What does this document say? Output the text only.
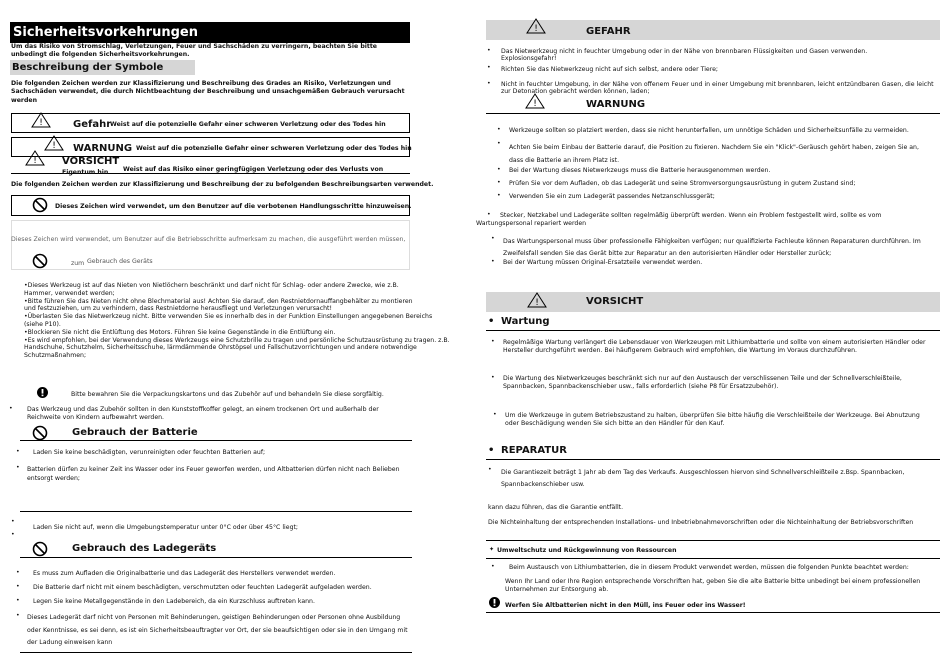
Sicherheitsvorkehrungen
Um das Risiko von Stromschlag, Verletzungen, Feuer und Sachschäden zu verringern, beachten Sie bitte unbedingt die folgenden Sicherheitsvorkehrungen.
Beschreibung der Symbole
Die folgenden Zeichen werden zur Klassifizierung und Beschreibung des Grades an Risiko, Verletzungen und Sachschäden verwendet, die durch Nichtbeachtung der Beschreibung und unsachgemäßen Gebrauch verursacht werden
!	Gefahr
Weist auf die potenzielle Gefahr einer schweren Verletzung oder des Todes hin
! WARNUNG Weist auf die potenzielle Gefahr einer schweren Verletzung oder des Todes hin
!	VORSICHT
Weist auf das Risiko einer geringfügigen Verletzung oder des Verlusts von
Eigentum hin
Die folgenden Zeichen werden zur Klassifizierung und Beschreibung der zu befolgenden Beschreibungsarten verwendet.
Dieses Zeichen wird verwendet, um den Benutzer auf die verbotenen Handlungsschritte hinzuweisen.
Dieses Zeichen wird verwendet, um Benutzer auf die Betriebsschritte aufmerksam zu machen, die ausgeführt werden müssen,
zum Gebrauch des Geräts
•Dieses Werkzeug ist auf das Nieten von Nietlöchern beschränkt und darf nicht für Schlag- oder andere Zwecke, wie z.B. Hammer, verwendet werden;
•Bitte führen Sie das Nieten nicht ohne Blechmaterial aus! Achten Sie darauf, den Restnietdornauffangbehälter zu montieren und festzuziehen, um zu verhindern, dass Restnietdorne herausfliegt und Verletzungen verursacht!
•Überlasten Sie das Nietwerkzeug nicht. Bitte verwenden Sie es innerhalb des in der Funktion Einstellungen angegebenen Bereichs (siehe P10).
•Blockieren Sie nicht die Entlüftung des Motors. Führen Sie keine Gegenstände in die Entlüftung ein.
•Es wird empfohlen, bei der Verwendung dieses Werkzeugs eine Schutzbrille zu tragen und persönliche Schutzausrüstung zu tragen. z.B. Handschuhe, Schutzhelm, Sicherheitsschuhe, lärmdämmende Ohrstöpsel und Fallschutzvorrichtungen und andere notwendige Schutzmaßnahmen;
Bitte bewahren Sie die Verpackungskartons und das Zubehör auf und behandeln Sie diese sorgfältig.
• Das Werkzeug und das Zubehör sollten in den Kunststoffkoffer gelegt, an einem trockenen Ort und außerhalb der Reichweite von Kindern aufbewahrt werden.
Gebrauch der Batterie
• Laden Sie keine beschädigten, verunreinigten oder feuchten Batterien auf;
• Batterien dürfen zu keiner Zeit ins Wasser oder ins Feuer geworfen werden, und Altbatterien dürfen nicht nach Belieben entsorgt werden;
•
Laden Sie nicht auf, wenn die Umgebungstemperatur unter 0°C oder über 45°C liegt;
•
Gebrauch des Ladegeräts
• Es muss zum Aufladen die Originalbatterie und das Ladegerät des Herstellers verwendet werden.
• Die Batterie darf nicht mit einem beschädigten, verschmutzten oder feuchten Ladegerät aufgeladen werden.
• Legen Sie keine Metallgegenstände in den Ladebereich, da ein Kurzschluss auftreten kann.
• Dieses Ladegerät darf nicht von Personen mit Behinderungen, geistigen Behinderungen oder Personen ohne Ausbildung oder Kenntnisse, es sei denn, es ist ein Sicherheitsbeauftragter vor Ort, der sie beaufsichtigen oder sie in den Umgang mit der Ladung einweisen kann
!	GEFAHR
• Das Nietwerkzeug nicht in feuchter Umgebung oder in der Nähe von brennbaren Flüssigkeiten und Gasen verwenden. Explosionsgefahr!
• Richten Sie das Nietwerkzeug nicht auf sich selbst, andere oder Tiere;
• Nicht in feuchter Umgebung, in der Nähe von offenem Feuer und in einer Umgebung mit brennbaren, leicht entzündbaren Gasen, die leicht zur Detonation gebracht werden können, laden;
!	WARNUNG
• Werkzeuge sollten so platziert werden, dass sie nicht herunterfallen, um unnötige Schäden und Sicherheitsunfälle zu vermeiden.
•
Achten Sie beim Einbau der Batterie darauf, die Position zu fixieren. Nachdem Sie ein "Klick"-Geräusch gehört haben, zeigen Sie an, dass die Batterie an ihrem Platz ist.
• Bei der Wartung dieses Nietwerkzeugs muss die Batterie herausgenommen werden.
• Prüfen Sie vor dem Aufladen, ob das Ladegerät und seine Stromversorgungsausrüstung in gutem Zustand sind;
• Verwenden Sie ein zum Ladegerät passendes Netzanschlussgerät;
•	Stecker, Netzkabel und Ladegeräte sollten regelmäßig überprüft werden. Wenn ein Problem festgestellt wird, sollte es vom Wartungspersonal repariert werden
• Das Wartungspersonal muss über professionelle Fähigkeiten verfügen; nur qualifizierte Fachleute können Reparaturen durchführen. Im Zweifelsfall senden Sie das Gerät bitte zur Reparatur an den autorisierten Händler oder Hersteller zurück;
• Bei der Wartung müssen Original-Ersatzteile verwendet werden.
!	VORSICHT
• Wartung
• Regelmäßige Wartung verlängert die Lebensdauer von Werkzeugen mit Lithiumbatterie und sollte von einem autorisierten Händler oder Hersteller durchgeführt werden. Bei häufigerem Gebrauch wird empfohlen, die Wartung im Voraus durchzuführen.
• Die Wartung des Nietwerkzeuges beschränkt sich nur auf den Austausch der verschlissenen Teile und der Schnellverschleißteile, Spannbacken, Spannbackenschieber usw., falls erforderlich (siehe P8 für Ersatzzubehör).
• Um die Werkzeuge in gutem Betriebszustand zu halten, überprüfen Sie bitte häufig die Verschleißteile der Werkzeuge. Bei Abnutzung oder Beschädigung wenden Sie sich bitte an den Händler für den Kauf.
• REPARATUR
• Die Garantiezeit beträgt 1 Jahr ab dem Tag des Verkaufs. Ausgeschlossen hiervon sind Schnellverschleißteile z.Bsp. Spannbacken, Spannbackenschieber usw.
kann dazu führen, das die Garantie entfällt.
Die Nichteinhaltung der entsprechenden Installations- und Inbetriebnahmevorschriften oder die Nichteinhaltung der Betriebsvorschriften
✦ Umweltschutz und Rückgewinnung von Ressourcen
• Beim Austausch von Lithiumbatterien, die in diesem Produkt verwendet werden, müssen die folgenden Punkte beachtet werden:
Wenn Ihr Land oder Ihre Region entsprechende Vorschriften hat, geben Sie die alte Batterie bitte unbedingt bei einem professionellen Unternehmen zur Entsorgung ab.
Werfen Sie Altbatterien nicht in den Müll, ins Feuer oder ins Wasser!
